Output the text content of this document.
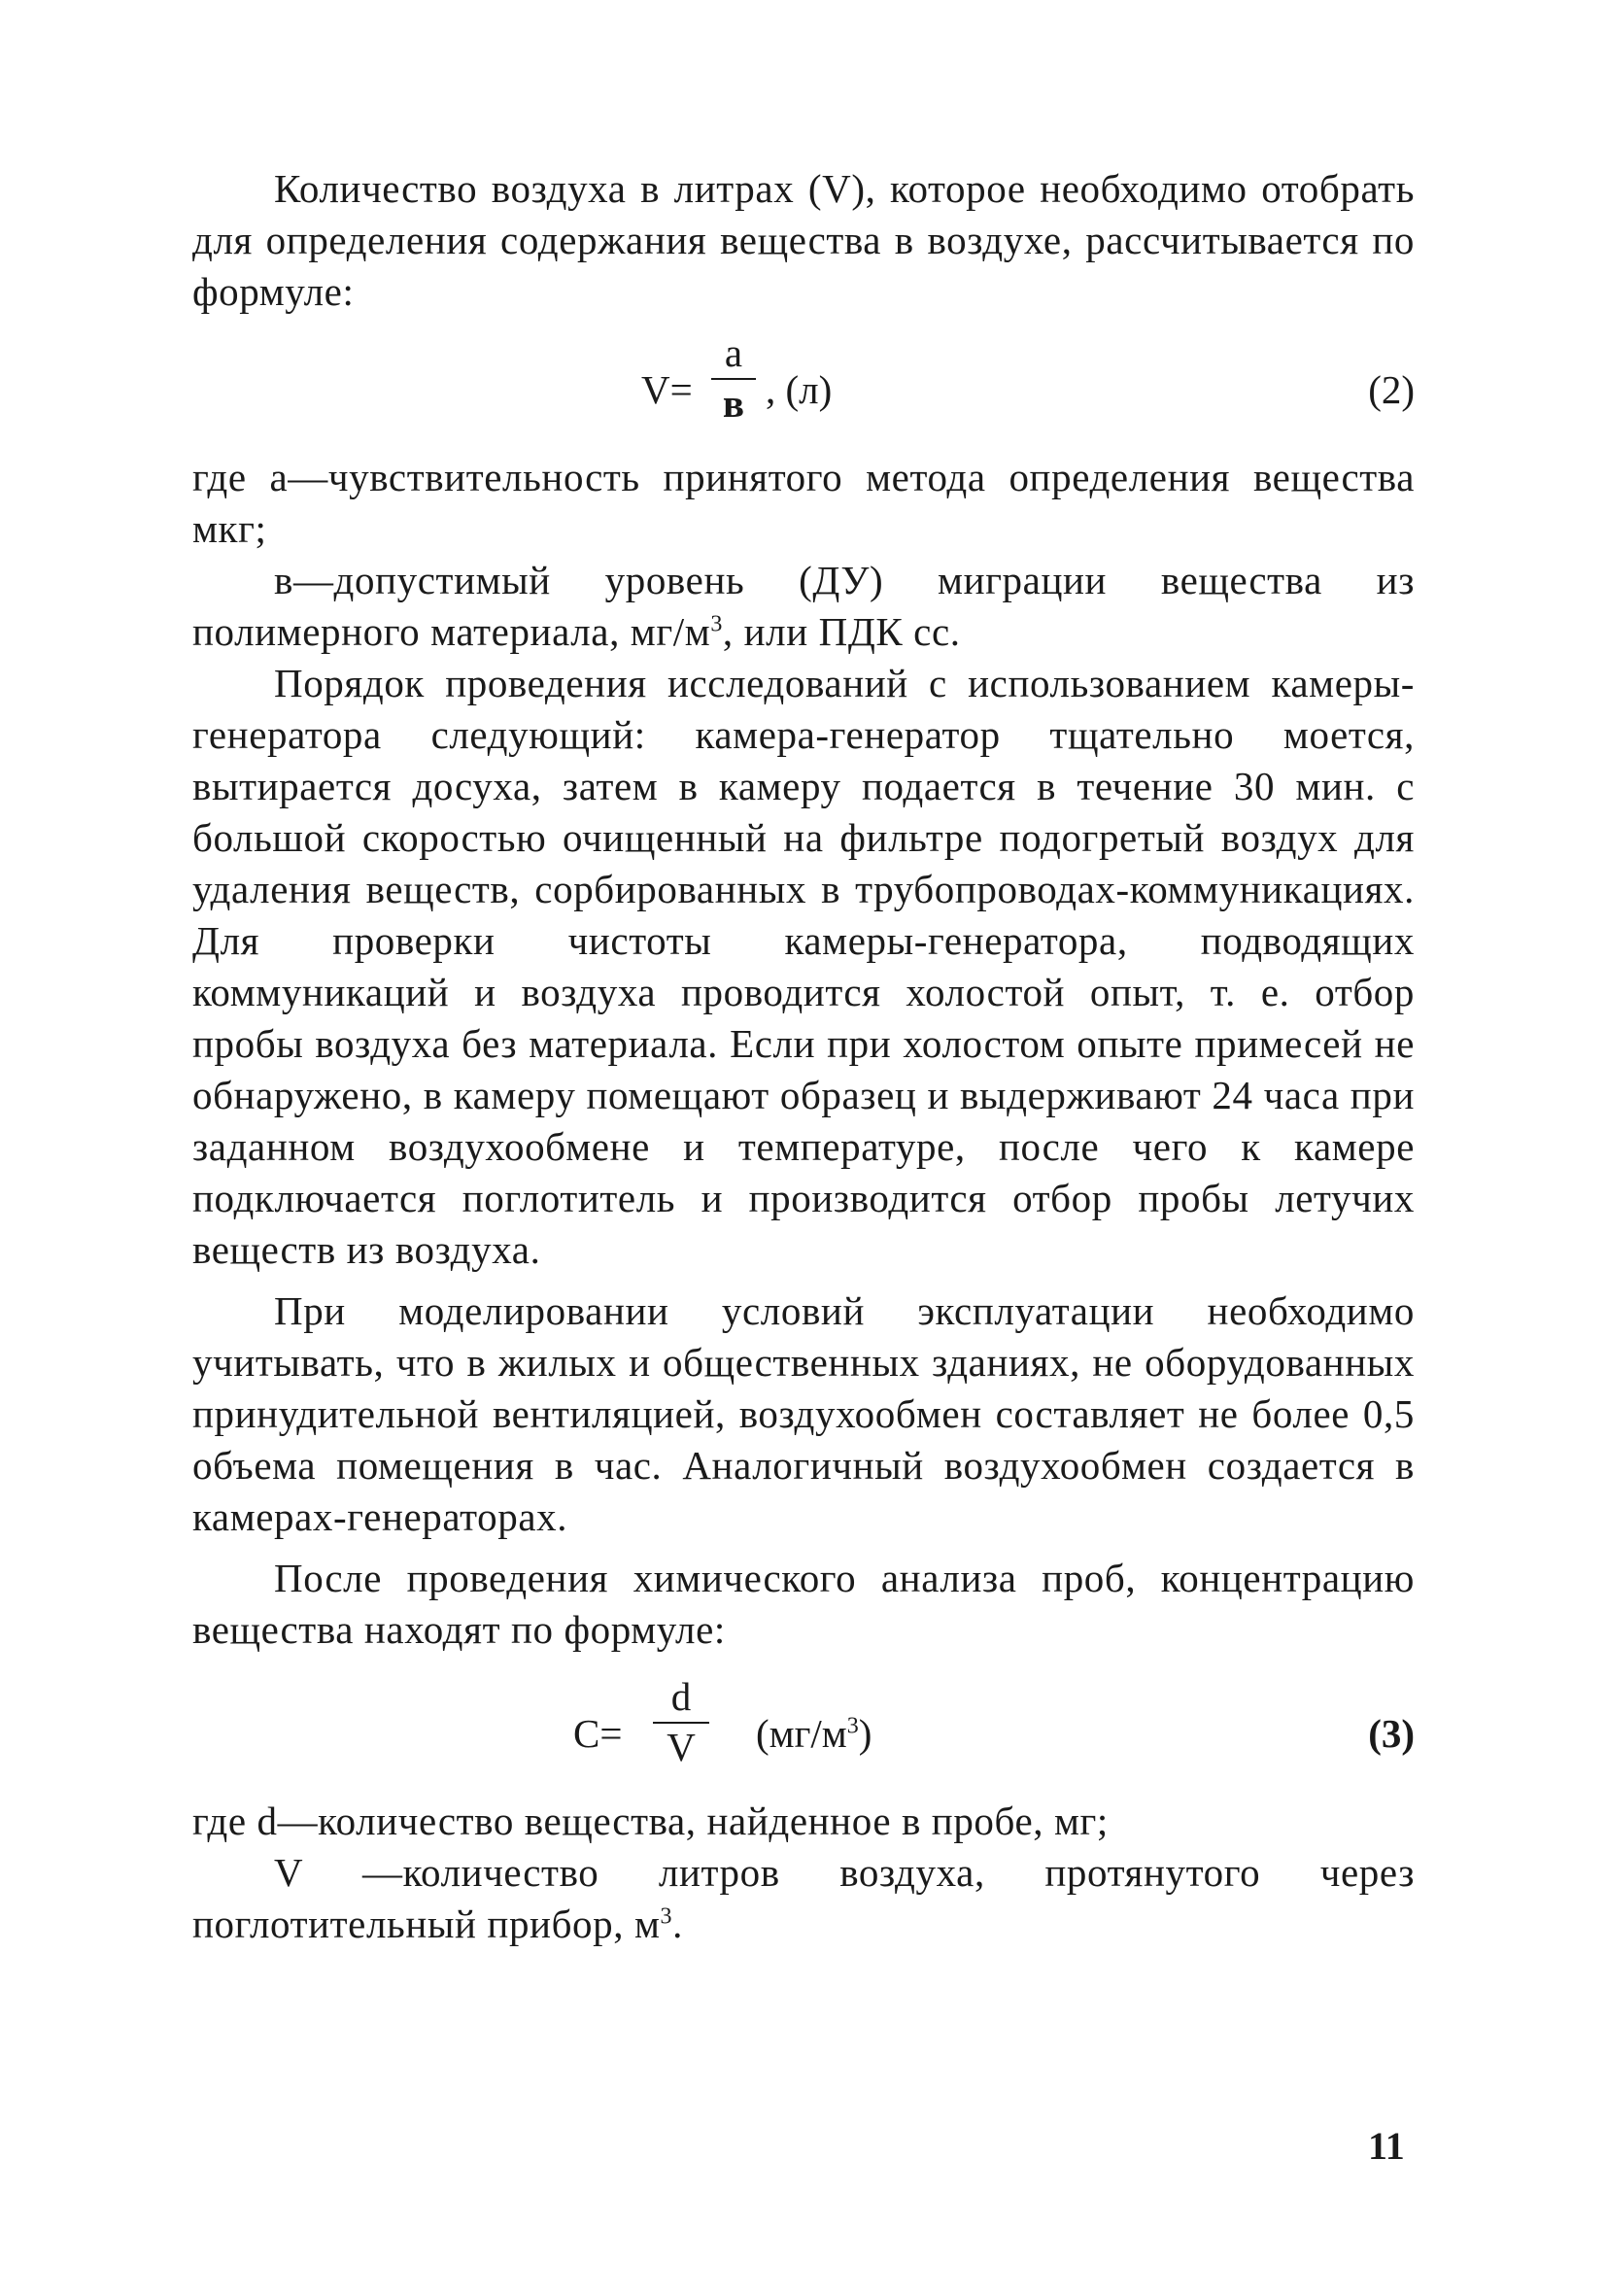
Количество воздуха в литрах (V), которое необходимо отобрать для определения содержания вещества в воздухе, рассчитывается по формуле:

V=
a
в , (л)	(2)

где а—чувствительность принятого метода определения вещества мкг;

в—допустимый уровень (ДУ) миграции вещества из полимерного материала, $мг/м^3$, или ПДК сс.

Порядок проведения исследований с использованием камеры-генератора следующий: камера-генератор тщательно моется, вытирается досуха, затем в камеру подается в течение 30 мин. с большой скоростью очищенный на фильтре подогретый воздух для удаления веществ, сорбированных в трубопроводах-коммуникациях. Для проверки чистоты камеры-генератора, подводящих коммуникаций и воздуха проводится холостой опыт, т. е. отбор пробы воздуха без материала. Если при холостом опыте примесей не обнаружено, в камеру помещают образец и выдерживают 24 часа при заданном воздухообмене и температуре, после чего к камере подключается поглотитель и производится отбор пробы летучих веществ из воздуха.

При моделировании условий эксплуатации необходимо учитывать, что в жилых и общественных зданиях, не оборудованных принудительной вентиляцией, воздухообмен составляет не более 0,5 объема помещения в час. Аналогичный воздухообмен создается в камерах-генераторах.

После проведения химического анализа проб, концентрацию вещества находят по формуле:

C=
d
V	$(мг/м^3)$	(3)

где d—количество вещества, найденное в пробе, мг;

V —количество литров воздуха, протянутого через поглотительный прибор, $м^3$.

11
